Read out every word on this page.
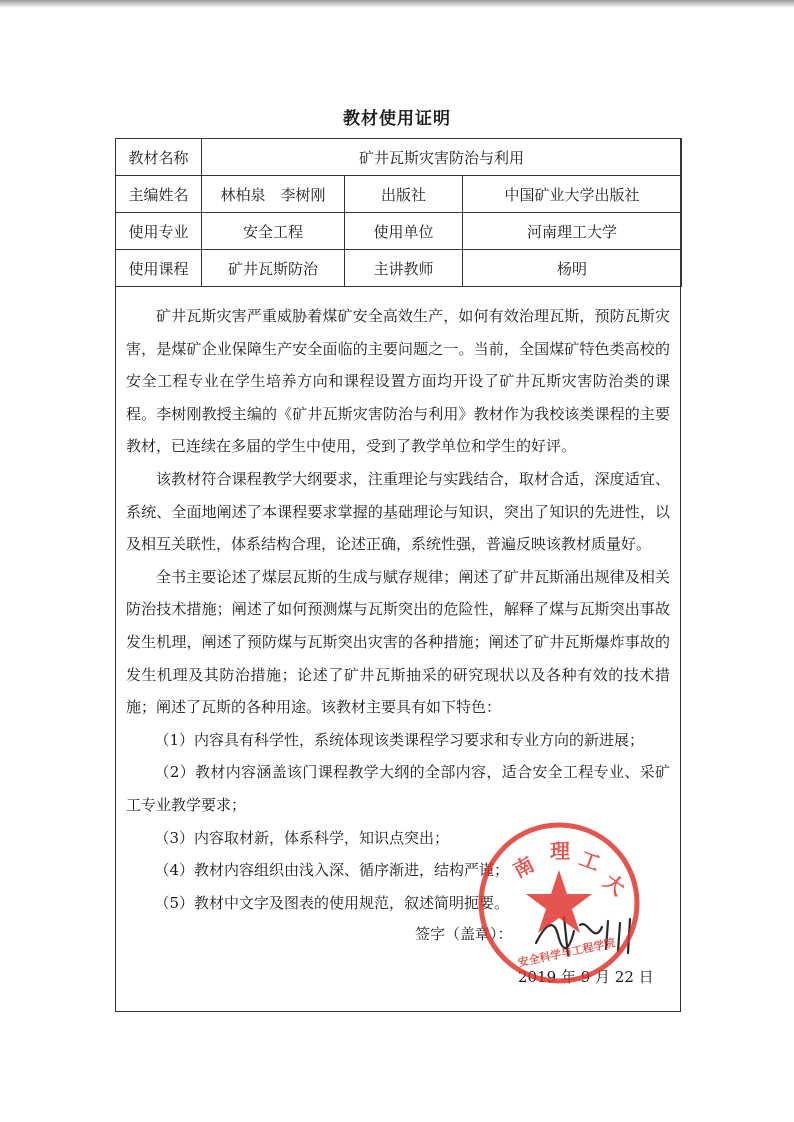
教材使用证明
教材名称	矿井瓦斯灾害防治与利用		
主编姓名	林柏泉　李树刚	出版社	中国矿业大学出版社
使用专业	安全工程	使用单位	河南理工大学
使用课程	矿井瓦斯防治	主讲教师	杨明

矿井瓦斯灾害严重威胁着煤矿安全高效生产，如何有效治理瓦斯，预防瓦斯灾害，是煤矿企业保障生产安全面临的主要问题之一。当前，全国煤矿特色类高校的安全工程专业在学生培养方向和课程设置方面均开设了矿井瓦斯灾害防治类的课程。李树刚教授主编的《矿井瓦斯灾害防治与利用》教材作为我校该类课程的主要教材，已连续在多届的学生中使用，受到了教学单位和学生的好评。

该教材符合课程教学大纲要求，注重理论与实践结合，取材合适，深度适宜、系统、全面地阐述了本课程要求掌握的基础理论与知识，突出了知识的先进性，以及相互关联性，体系结构合理，论述正确，系统性强，普遍反映该教材质量好。

全书主要论述了煤层瓦斯的生成与赋存规律；阐述了矿井瓦斯涌出规律及相关防治技术措施；阐述了如何预测煤与瓦斯突出的危险性，解释了煤与瓦斯突出事故发生机理，阐述了预防煤与瓦斯突出灾害的各种措施；阐述了矿井瓦斯爆炸事故的发生机理及其防治措施；论述了矿井瓦斯抽采的研究现状以及各种有效的技术措施；阐述了瓦斯的各种用途。该教材主要具有如下特色：

（1）内容具有科学性，系统体现该类课程学习要求和专业方向的新进展；

（2）教材内容涵盖该门课程教学大纲的全部内容，适合安全工程专业、采矿工专业教学要求；

（3）内容取材新，体系科学，知识点突出；

（4）教材内容组织由浅入深、循序渐进，结构严谨；

（5）教材中文字及图表的使用规范，叙述简明扼要。

签字（盖章）：
2019 年 9 月 22 日
南
理 工
大
安全科学与工程学院
